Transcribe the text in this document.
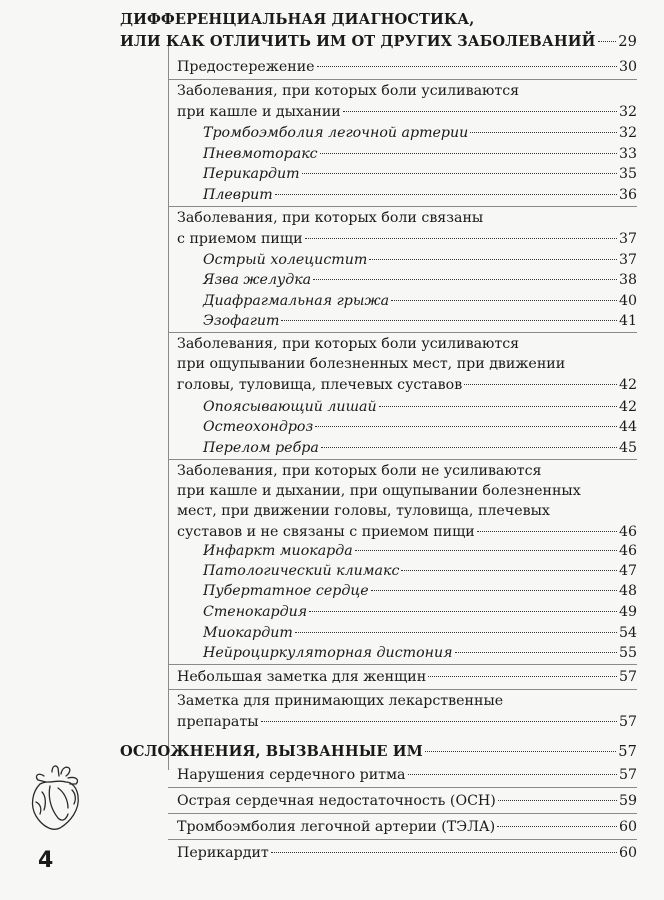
ДИФФЕРЕНЦИАЛЬНАЯ ДИАГНОСТИКА,
ИЛИ КАК ОТЛИЧИТЬ ИМ ОТ ДРУГИХ ЗАБОЛЕВАНИЙ 29
Предостережение	30
Заболевания, при которых боли усиливаются
при кашле и дыхании	32
Тромбоэмболия легочной артерии	32
Пневмоторакс	33
Перикардит	35
Плеврит	36
Заболевания, при которых боли связаны
с приемом пищи	37
Острый холецистит	37
Язва желудка	38
Диафрагмальная грыжа	40
Эзофагит	41
Заболевания, при которых боли усиливаются
при ощупывании болезненных мест, при движении
головы, туловища, плечевых суставов	42
Опоясывающий лишай	42
Остеохондроз	44
Перелом ребра	45
Заболевания, при которых боли не усиливаются
при кашле и дыхании, при ощупывании болезненных
мест, при движении головы, туловища, плечевых
суставов и не связаны с приемом пищи	46
Инфаркт миокарда	46
Патологический климакс	47
Пубертатное сердце	48
Стенокардия	49
Миокардит	54
Нейроциркуляторная дистония	55
Небольшая заметка для женщин	57
Заметка для принимающих лекарственные
препараты	57
ОСЛОЖНЕНИЯ, ВЫЗВАННЫЕ ИМ	57
Нарушения сердечного ритма	57
Острая сердечная недостаточность (ОСН)	59
Тромбоэмболия легочной артерии (ТЭЛА)	60
Перикардит	60
4
